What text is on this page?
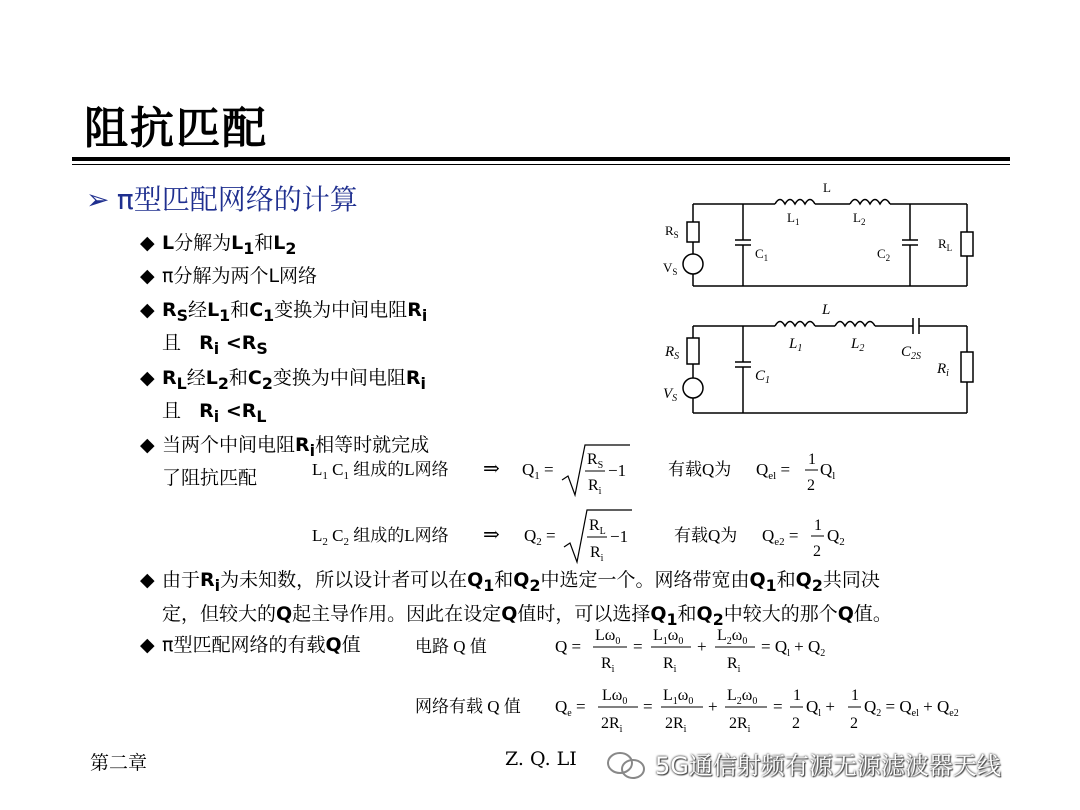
阻抗匹配
➢ π型匹配网络的计算
◆ L分解为$L_1$和$L_2$
◆ π分解为两个L网络
◆ $R_S$经$L_1$和$C_1$变换为中间电阻$R_i$
且   $R_i <R_S$
◆ $R_L$经$L_2$和$C_2$变换为中间电阻$R_i$
且   $R_i <R_L$
◆ 当两个中间电阻$R_i$相等时就完成
了阻抗匹配	$L_1$ $C_1$ 组成的L网络 ⇒ $Q_1$ =
$R_S$
$R_i$
−1 有载Q为 $Q_{el}$ =
1
2
$Q_l$
$L_2$ $C_2$ 组成的L网络 ⇒ $Q_2$ =
$R_L$
$R_i$
−1	有载Q为 $Q_{e2}$ =
1
2
$Q_2$
◆ 由于$R_i$为未知数，所以设计者可以在$Q_1$和$Q_2$中选定一个。网络带宽由$Q_1$和$Q_2$共同决
定，但较大的Q起主导作用。因此在设定Q值时，可以选择$Q_1$和$Q_2$中较大的那个Q值。
◆ π型匹配网络的有载Q值	电路 Q 值	Q =
$L\omega_0$
$R_i$
=
$L_1\omega_0$
$R_i$
+
$L_2\omega_0$
$R_i$
= $Q_l + Q_2$
网络有载 Q 值 $Q_e$ =
$L\omega_0$
$2R_i$
=
$L_1\omega_0$
$2R_i$
+
$L_2\omega_0$
$2R_i$
=
1
2
$Q_l$ +
1
2
$Q_2 = Q_{el} + Q_{e2}$
L
$L_1$	$L_2$
$R_S$
$V_S$
$C_1$	$C_2$
$R_L$
L
$L_1$	$L_2$ $C_{2S}$
$R_S$
$V_S$
$C_1$
$R_i$
第二章	Z. Q. LI	5G通信射频有源无源滤波器天线
